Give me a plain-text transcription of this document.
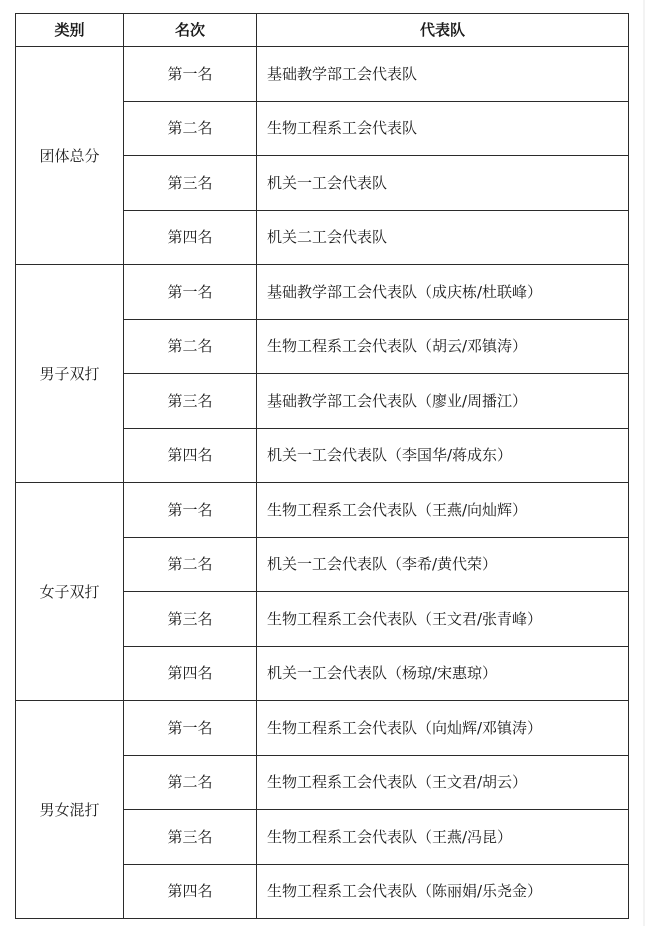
类别	名次	代表队
团体总分	第一名	基础教学部工会代表队
	第二名	生物工程系工会代表队
	第三名	机关一工会代表队
	第四名	机关二工会代表队
男子双打	第一名	基础教学部工会代表队（成庆栋/杜联峰）
	第二名	生物工程系工会代表队（胡云/邓镇涛）
	第三名	基础教学部工会代表队（廖业/周播江）
	第四名	机关一工会代表队（李国华/蒋成东）
女子双打	第一名	生物工程系工会代表队（王燕/向灿辉）
	第二名	机关一工会代表队（李希/黄代荣）
	第三名	生物工程系工会代表队（王文君/张青峰）
	第四名	机关一工会代表队（杨琼/宋惠琼）
男女混打	第一名	生物工程系工会代表队（向灿辉/邓镇涛）
	第二名	生物工程系工会代表队（王文君/胡云）
	第三名	生物工程系工会代表队（王燕/冯昆）
	第四名	生物工程系工会代表队（陈丽娟/乐尧金）
